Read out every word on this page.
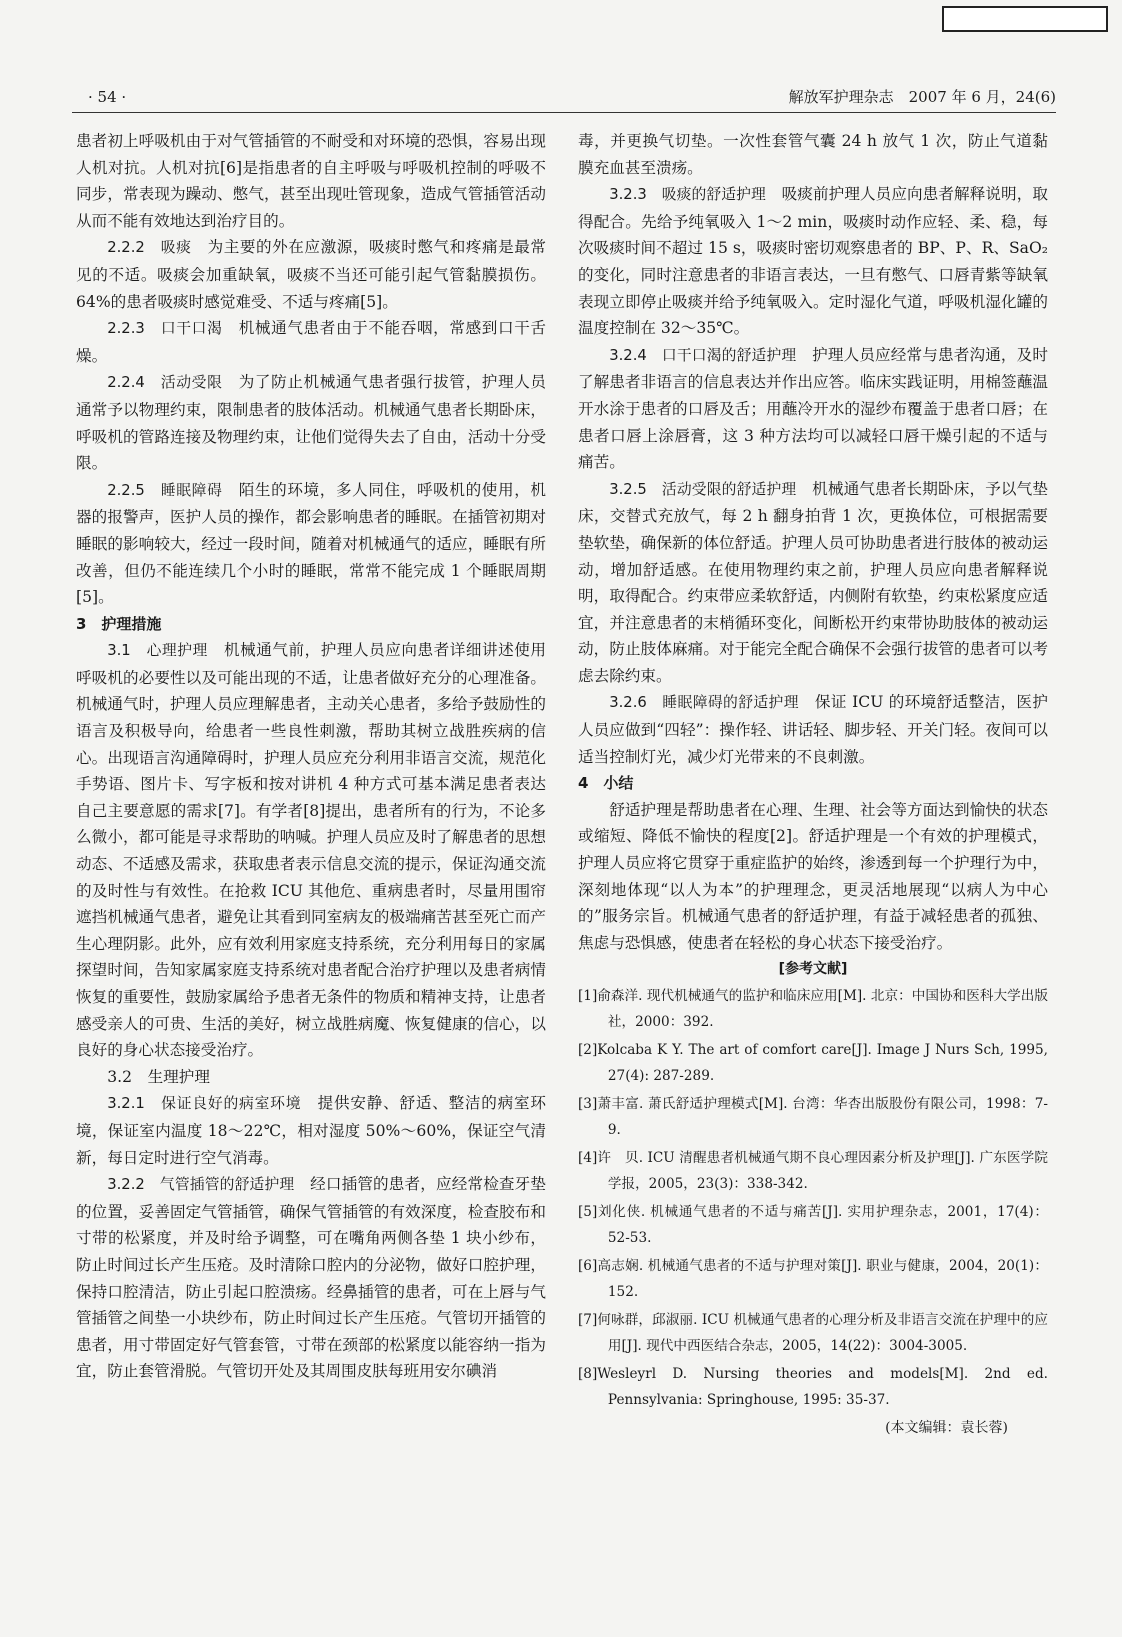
· 54 ·	解放军护理杂志　2007 年 6 月，24(6)

患者初上呼吸机由于对气管插管的不耐受和对环境的恐惧，容易出现人机对抗。人机对抗[6]是指患者的自主呼吸与呼吸机控制的呼吸不同步，常表现为躁动、憋气，甚至出现吐管现象，造成气管插管活动从而不能有效地达到治疗目的。

2.2.2　吸痰　 为主要的外在应激源，吸痰时憋气和疼痛是最常见的不适。吸痰会加重缺氧，吸痰不当还可能引起气管黏膜损伤。64%的患者吸痰时感觉难受、不适与疼痛[5]。

2.2.3　口干口渴　 机械通气患者由于不能吞咽，常感到口干舌燥。

2.2.4　活动受限　 为了防止机械通气患者强行拔管，护理人员通常予以物理约束，限制患者的肢体活动。机械通气患者长期卧床，呼吸机的管路连接及物理约束，让他们觉得失去了自由，活动十分受限。

2.2.5　睡眠障碍　 陌生的环境，多人同住，呼吸机的使用，机器的报警声，医护人员的操作，都会影响患者的睡眠。在插管初期对睡眠的影响较大，经过一段时间，随着对机械通气的适应，睡眠有所改善，但仍不能连续几个小时的睡眠，常常不能完成 1 个睡眠周期[5]。

3　护理措施

3.1　心理护理　 机械通气前，护理人员应向患者详细讲述使用呼吸机的必要性以及可能出现的不适，让患者做好充分的心理准备。机械通气时，护理人员应理解患者，主动关心患者，多给予鼓励性的语言及积极导向，给患者一些良性刺激，帮助其树立战胜疾病的信心。出现语言沟通障碍时，护理人员应充分利用非语言交流，规范化手势语、图片卡、写字板和按对讲机 4 种方式可基本满足患者表达自己主要意愿的需求[7]。有学者[8]提出，患者所有的行为，不论多么微小，都可能是寻求帮助的呐喊。护理人员应及时了解患者的思想动态、不适感及需求，获取患者表示信息交流的提示，保证沟通交流的及时性与有效性。在抢救 ICU 其他危、重病患者时，尽量用围帘遮挡机械通气患者，避免让其看到同室病友的极端痛苦甚至死亡而产生心理阴影。此外，应有效利用家庭支持系统，充分利用每日的家属探望时间，告知家属家庭支持系统对患者配合治疗护理以及患者病情恢复的重要性，鼓励家属给予患者无条件的物质和精神支持，让患者感受亲人的可贵、生活的美好，树立战胜病魔、恢复健康的信心，以良好的身心状态接受治疗。

3.2　生理护理

3.2.1　保证良好的病室环境　 提供安静、舒适、整洁的病室环境，保证室内温度 18～22℃，相对湿度 50%～60%，保证空气清新，每日定时进行空气消毒。

3.2.2　气管插管的舒适护理　 经口插管的患者，应经常检查牙垫的位置，妥善固定气管插管，确保气管插管的有效深度，检查胶布和寸带的松紧度，并及时给予调整，可在嘴角两侧各垫 1 块小纱布，防止时间过长产生压疮。及时清除口腔内的分泌物，做好口腔护理，保持口腔清洁，防止引起口腔溃疡。经鼻插管的患者，可在上唇与气管插管之间垫一小块纱布，防止时间过长产生压疮。气管切开插管的患者，用寸带固定好气管套管，寸带在颈部的松紧度以能容纳一指为宜，防止套管滑脱。气管切开处及其周围皮肤每班用安尔碘消

毒，并更换气切垫。一次性套管气囊 24 h 放气 1 次，防止气道黏膜充血甚至溃疡。

3.2.3　吸痰的舒适护理　 吸痰前护理人员应向患者解释说明，取得配合。先给予纯氧吸入 1～2 min，吸痰时动作应轻、柔、稳，每次吸痰时间不超过 15 s，吸痰时密切观察患者的 BP、P、R、SaO₂ 的变化，同时注意患者的非语言表达，一旦有憋气、口唇青紫等缺氧表现立即停止吸痰并给予纯氧吸入。定时湿化气道，呼吸机湿化罐的温度控制在 32～35℃。

3.2.4　口干口渴的舒适护理　 护理人员应经常与患者沟通，及时了解患者非语言的信息表达并作出应答。临床实践证明，用棉签蘸温开水涂于患者的口唇及舌；用蘸冷开水的湿纱布覆盖于患者口唇；在患者口唇上涂唇膏，这 3 种方法均可以减轻口唇干燥引起的不适与痛苦。

3.2.5　活动受限的舒适护理　 机械通气患者长期卧床，予以气垫床，交替式充放气，每 2 h 翻身拍背 1 次，更换体位，可根据需要垫软垫，确保新的体位舒适。护理人员可协助患者进行肢体的被动运动，增加舒适感。在使用物理约束之前，护理人员应向患者解释说明，取得配合。约束带应柔软舒适，内侧附有软垫，约束松紧度应适宜，并注意患者的末梢循环变化，间断松开约束带协助肢体的被动运动，防止肢体麻痛。对于能完全配合确保不会强行拔管的患者可以考虑去除约束。

3.2.6　睡眠障碍的舒适护理　 保证 ICU 的环境舒适整洁，医护人员应做到“四轻”：操作轻、讲话轻、脚步轻、开关门轻。夜间可以适当控制灯光，减少灯光带来的不良刺激。

4　小结

舒适护理是帮助患者在心理、生理、社会等方面达到愉快的状态或缩短、降低不愉快的程度[2]。舒适护理是一个有效的护理模式，护理人员应将它贯穿于重症监护的始终，渗透到每一个护理行为中，深刻地体现“以人为本”的护理理念，更灵活地展现“以病人为中心的”服务宗旨。机械通气患者的舒适护理，有益于减轻患者的孤独、焦虑与恐惧感，使患者在轻松的身心状态下接受治疗。

[参考文献]

[1]俞森洋. 现代机械通气的监护和临床应用[M]. 北京：中国协和医科大学出版社，2000：392.

[2]Kolcaba K Y. The art of comfort care[J]. Image J Nurs Sch, 1995, 27(4): 287-289.

[3]萧丰富. 萧氏舒适护理模式[M]. 台湾：华杏出版股份有限公司，1998：7-9.

[4]许　贝. ICU 清醒患者机械通气期不良心理因素分析及护理[J]. 广东医学院学报，2005，23(3)：338-342.

[5]刘化侠. 机械通气患者的不适与痛苦[J]. 实用护理杂志，2001，17(4)：52-53.

[6]高志娴. 机械通气患者的不适与护理对策[J]. 职业与健康，2004，20(1)：152.

[7]何咏群，邱淑丽. ICU 机械通气患者的心理分析及非语言交流在护理中的应用[J]. 现代中西医结合杂志，2005，14(22)：3004-3005.

[8]Wesleyrl D. Nursing theories and models[M]. 2nd ed. Pennsylvania: Springhouse, 1995: 35-37.

(本文编辑：袁长蓉)
